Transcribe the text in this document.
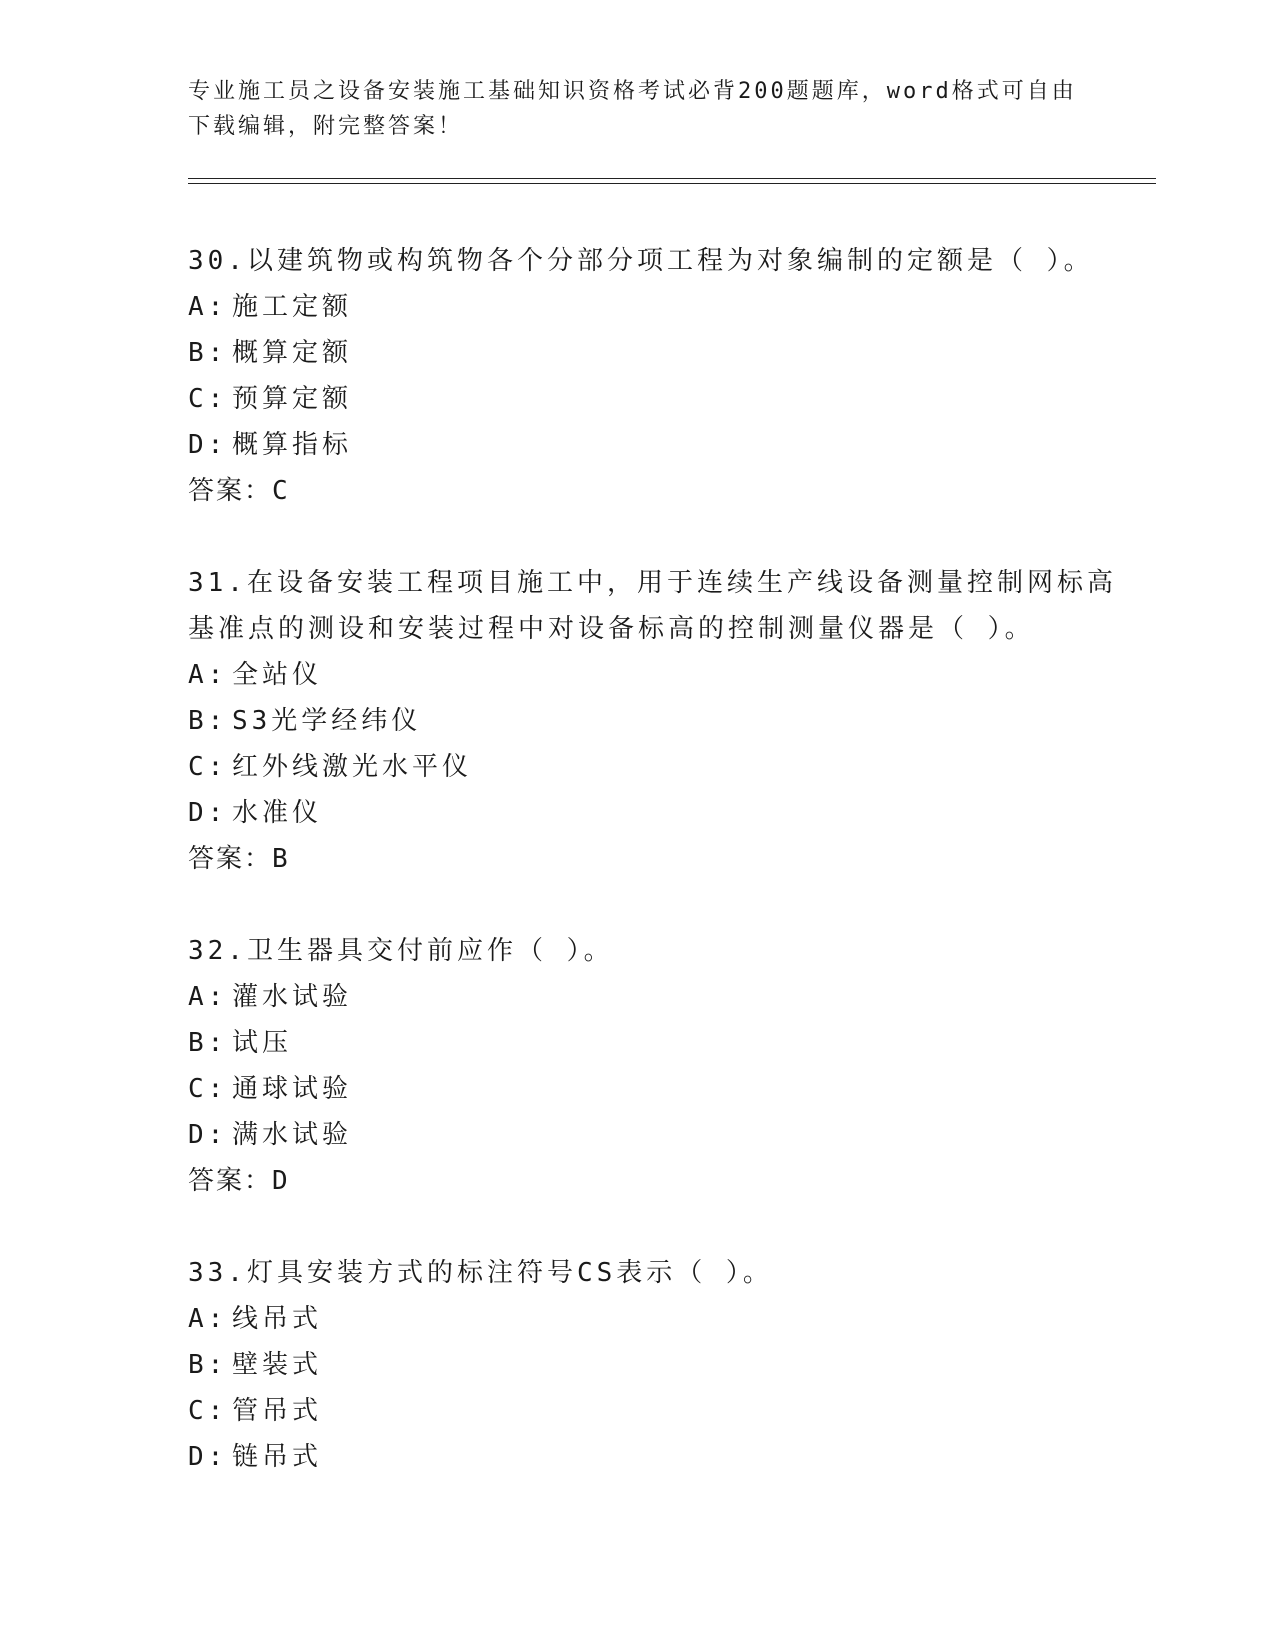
专业施工员之设备安装施工基础知识资格考试必背200题题库，word格式可自由
下载编辑，附完整答案！
30.以建筑物或构筑物各个分部分项工程为对象编制的定额是（ ）。
A: 施工定额
B: 概算定额
C: 预算定额
D: 概算指标
答案：C
31.在设备安装工程项目施工中，用于连续生产线设备测量控制网标高
基准点的测设和安装过程中对设备标高的控制测量仪器是（ ）。
A: 全站仪
B: S3光学经纬仪
C: 红外线激光水平仪
D: 水准仪
答案：B
32.卫生器具交付前应作（ ）。
A: 灌水试验
B: 试压
C: 通球试验
D: 满水试验
答案：D
33.灯具安装方式的标注符号CS表示（ ）。
A: 线吊式
B: 壁装式
C: 管吊式
D: 链吊式
